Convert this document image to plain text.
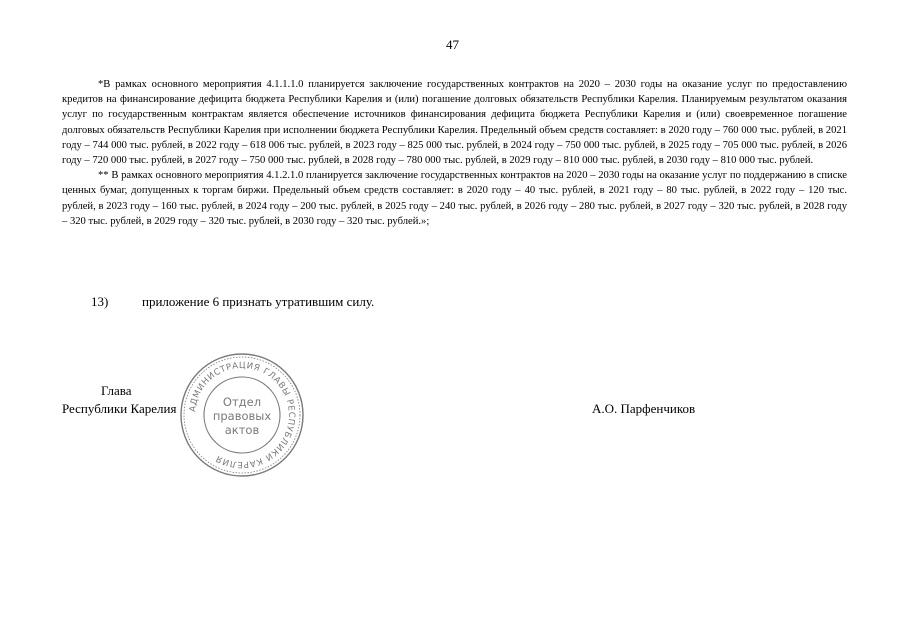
47

*В рамках основного мероприятия 4.1.1.1.0 планируется заключение государственных контрактов на 2020 – 2030 годы на оказание услуг по предоставлению кредитов на финансирование дефицита бюджета Республики Карелия и (или) погашение долговых обязательств Республики Карелия. Планируемым результатом оказания услуг по государственным контрактам является обеспечение источников финансирования дефицита бюджета Республики Карелия и (или) своевременное погашение долговых обязательств Республики Карелия при исполнении бюджета Республики Карелия. Предельный объем средств составляет: в 2020 году – 760 000 тыс. рублей, в 2021 году – 744 000 тыс. рублей, в 2022 году – 618 006 тыс. рублей, в 2023 году – 825 000 тыс. рублей, в 2024 году – 750 000 тыс. рублей, в 2025 году – 705 000 тыс. рублей, в 2026 году – 720 000 тыс. рублей, в 2027 году – 750 000 тыс. рублей, в 2028 году – 780 000 тыс. рублей, в 2029 году – 810 000 тыс. рублей, в 2030 году – 810 000 тыс. рублей.

** В рамках основного мероприятия 4.1.2.1.0 планируется заключение государственных контрактов на 2020 – 2030 годы на оказание услуг по поддержанию в списке ценных бумаг, допущенных к торгам биржи. Предельный объем средств составляет: в 2020 году – 40 тыс. рублей, в 2021 году – 80 тыс. рублей, в 2022 году – 120 тыс. рублей, в 2023 году – 160 тыс. рублей, в 2024 году – 200 тыс. рублей, в 2025 году – 240 тыс. рублей, в 2026 году – 280 тыс. рублей, в 2027 году – 320 тыс. рублей, в 2028 году – 320 тыс. рублей, в 2029 году – 320 тыс. рублей, в 2030 году – 320 тыс. рублей.»;

13)	приложение 6 признать утратившим силу.
Глава
Республики Карелия	А.О. Парфенчиков
АДМИНИСТРАЦИЯ ГЛАВЫ РЕСПУБЛИКИ КАРЕЛИЯ
Отдел
правовых
актов
